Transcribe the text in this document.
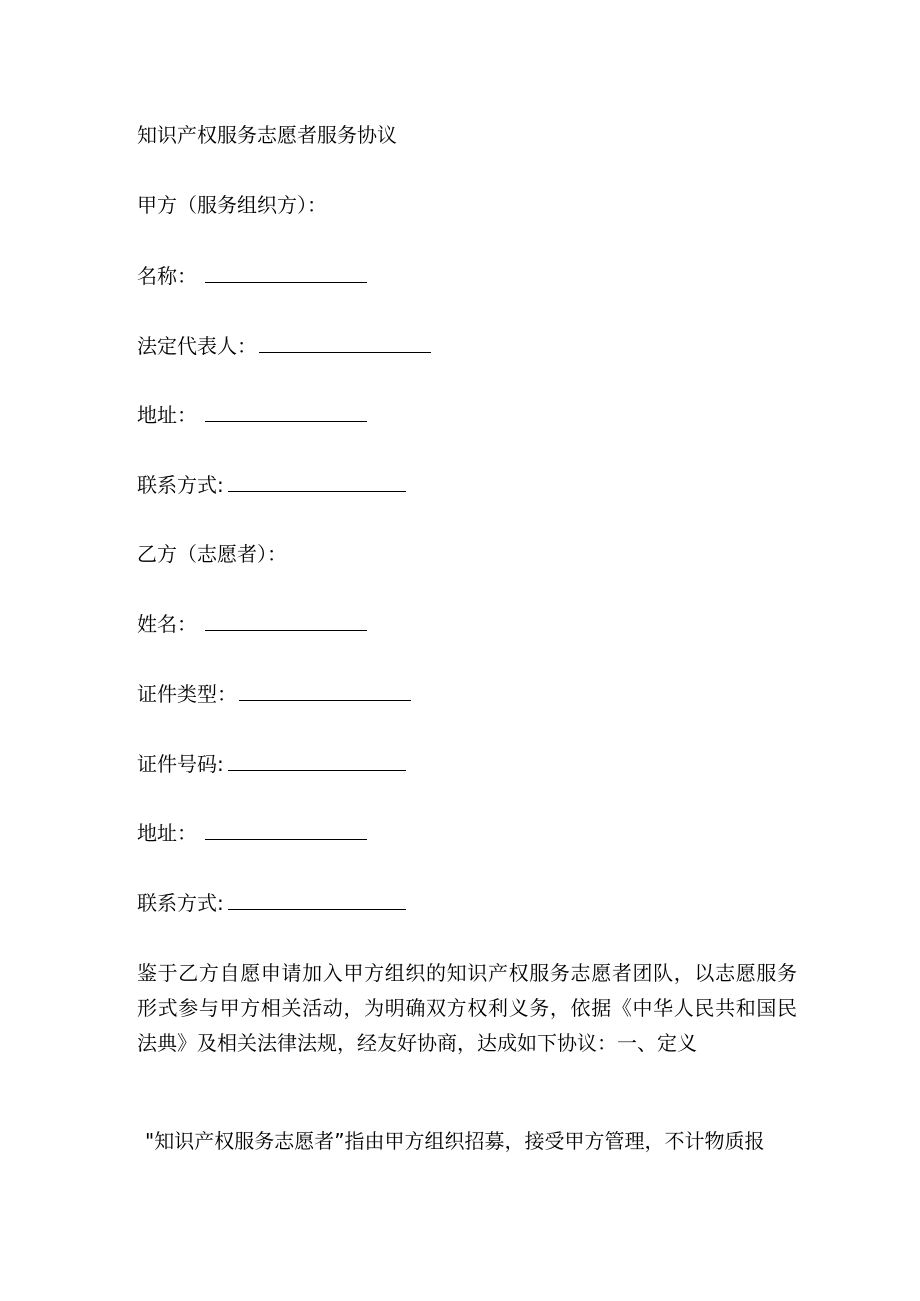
知识产权服务志愿者服务协议
甲方（服务组织方）：
名称：
法定代表人：
地址：
联系方式:
乙方（志愿者）：
姓名：
证件类型：
证件号码:
地址：
联系方式:
鉴于乙方自愿申请加入甲方组织的知识产权服务志愿者团队，以志愿服务
形式参与甲方相关活动，为明确双方权利义务，依据《中华人民共和国民
法典》及相关法律法规，经友好协商，达成如下协议：一、定义
"知识产权服务志愿者”指由甲方组织招募，接受甲方管理，不计物质报
